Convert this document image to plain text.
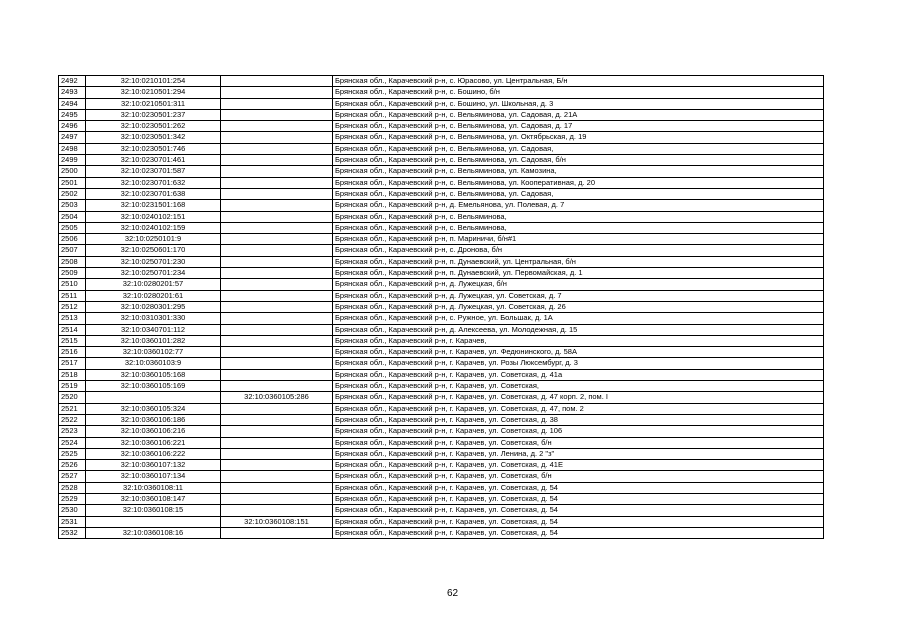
2492	32:10:0210101:254		Брянская обл., Карачевский р-н, с. Юрасово, ул. Центральная, Б/н
2493	32:10:0210501:294		Брянская обл., Карачевский р-н, с. Бошино, б/н
2494	32:10:0210501:311		Брянская обл., Карачевский р-н, с. Бошино, ул. Школьная, д. 3
2495	32:10:0230501:237		Брянская обл., Карачевский р-н, с. Вельяминова, ул. Садовая, д. 21А
2496	32:10:0230501:262		Брянская обл., Карачевский р-н, с. Вельяминова, ул. Садовая, д. 17
2497	32:10:0230501:342		Брянская обл., Карачевский р-н, с. Вельяминова, ул. Октябрьская, д. 19
2498	32:10:0230501:746		Брянская обл., Карачевский р-н, с. Вельяминова, ул. Садовая,
2499	32:10:0230701:461		Брянская обл., Карачевский р-н, с. Вельяминова, ул. Садовая, б/н
2500	32:10:0230701:587		Брянская обл., Карачевский р-н, с. Вельяминова, ул. Камозина,
2501	32:10:0230701:632		Брянская обл., Карачевский р-н, с. Вельяминова, ул. Кооперативная, д. 20
2502	32:10:0230701:638		Брянская обл., Карачевский р-н, с. Вельяминова, ул. Садовая,
2503	32:10:0231501:168		Брянская обл., Карачевский р-н, д. Емельянова, ул. Полевая, д. 7
2504	32:10:0240102:151		Брянская обл., Карачевский р-н, с. Вельяминова,
2505	32:10:0240102:159		Брянская обл., Карачевский р-н, с. Вельяминова,
2506	32:10:0250101:9		Брянская обл., Карачевский р-н, п. Мариничи, б/н#1
2507	32:10:0250601:170		Брянская обл., Карачевский р-н, с. Дронова, б/н
2508	32:10:0250701:230		Брянская обл., Карачевский р-н, п. Дунаевский, ул. Центральная, б/н
2509	32:10:0250701:234		Брянская обл., Карачевский р-н, п. Дунаевский, ул. Первомайская, д. 1
2510	32:10:0280201:57		Брянская обл., Карачевский р-н, д. Лужецкая, б/н
2511	32:10:0280201:61		Брянская обл., Карачевский р-н, д. Лужецкая, ул. Советская, д. 7
2512	32:10:0280301:295		Брянская обл., Карачевский р-н, д. Лужецкая, ул. Советская, д. 26
2513	32:10:0310301:330		Брянская обл., Карачевский р-н, с. Ружное, ул. Большак, д. 1А
2514	32:10:0340701:112		Брянская обл., Карачевский р-н, д. Алексеева, ул. Молодежная, д. 15
2515	32:10:0360101:282		Брянская обл., Карачевский р-н, г. Карачев,
2516	32:10:0360102:77		Брянская обл., Карачевский р-н, г. Карачев, ул. Федюнинского, д. 58А
2517	32:10:0360103:9		Брянская обл., Карачевский р-н, г. Карачев, ул. Розы Люксембург, д. 3
2518	32:10:0360105:168		Брянская обл., Карачевский р-н, г. Карачев, ул. Советская, д. 41а
2519	32:10:0360105:169		Брянская обл., Карачевский р-н, г. Карачев, ул. Советская,
2520		32:10:0360105:286	Брянская обл., Карачевский р-н, г. Карачев, ул. Советская, д. 47 корп. 2, пом. I
2521	32:10:0360105:324		Брянская обл., Карачевский р-н, г. Карачев, ул. Советская, д. 47, пом. 2
2522	32:10:0360106:186		Брянская обл., Карачевский р-н, г. Карачев, ул. Советская, д. 38
2523	32:10:0360106:216		Брянская обл., Карачевский р-н, г. Карачев, ул. Советская, д. 106
2524	32:10:0360106:221		Брянская обл., Карачевский р-н, г. Карачев, ул. Советская, б/н
2525	32:10:0360106:222		Брянская обл., Карачевский р-н, г. Карачев, ул. Ленина, д. 2 "з"
2526	32:10:0360107:132		Брянская обл., Карачевский р-н, г. Карачев, ул. Советская, д. 41Е
2527	32:10:0360107:134		Брянская обл., Карачевский р-н, г. Карачев, ул. Советская, б/н
2528	32:10:0360108:11		Брянская обл., Карачевский р-н, г. Карачев, ул. Советская, д. 54
2529	32:10:0360108:147		Брянская обл., Карачевский р-н, г. Карачев, ул. Советская, д. 54
2530	32:10:0360108:15		Брянская обл., Карачевский р-н, г. Карачев, ул. Советская, д. 54
2531		32:10:0360108:151	Брянская обл., Карачевский р-н, г. Карачев, ул. Советская, д. 54
2532	32:10:0360108:16		Брянская обл., Карачевский р-н, г. Карачев, ул. Советская, д. 54
62
